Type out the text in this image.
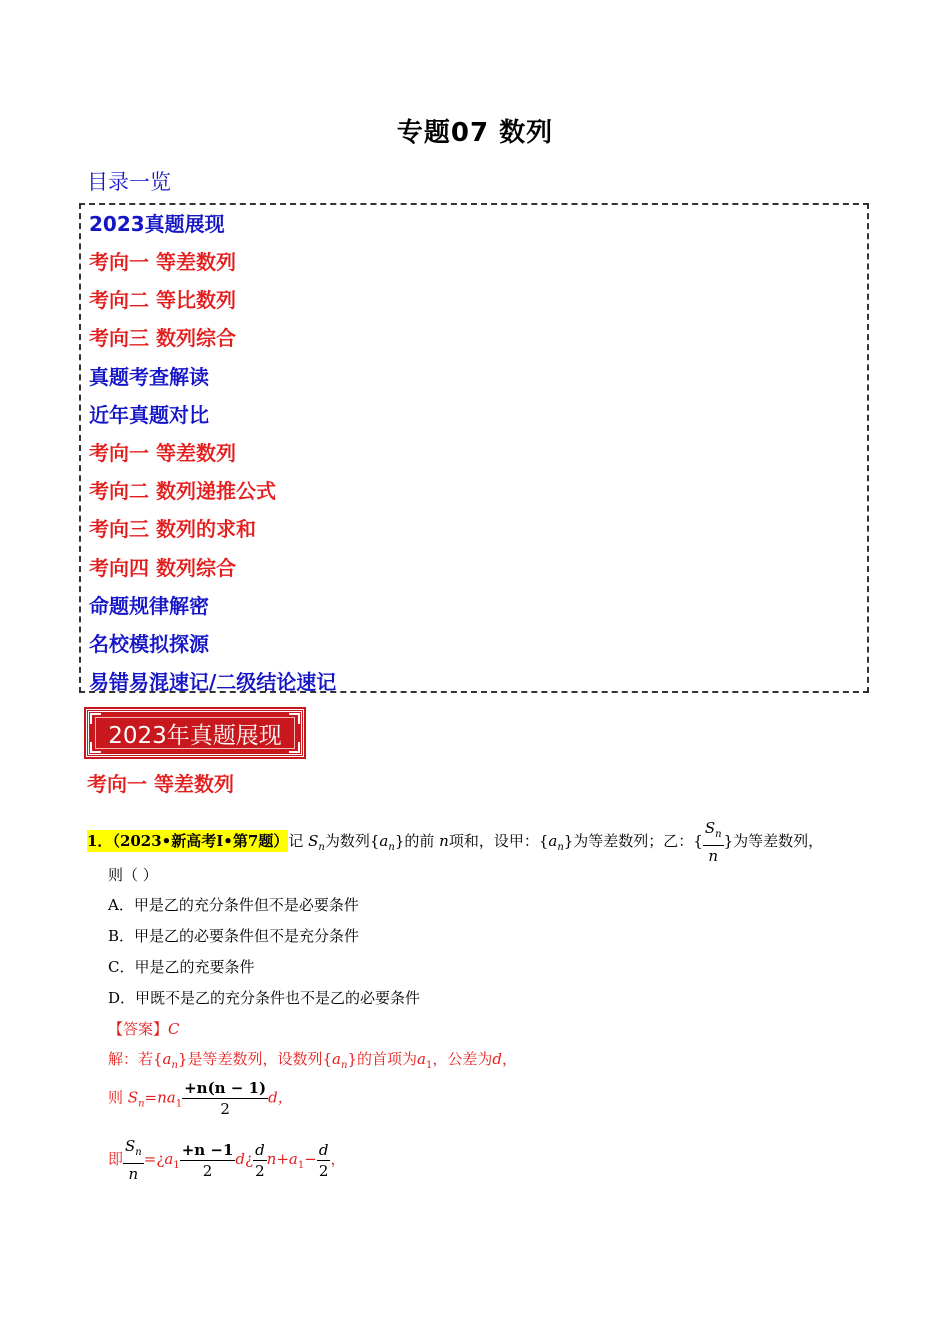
专题07 数列
目录一览
2023真题展现
考向一 等差数列
考向二 等比数列
考向三 数列综合
真题考查解读
近年真题对比
考向一 等差数列
考向二 数列递推公式
考向三 数列的求和
考向四 数列综合
命题规律解密
名校模拟探源
易错易混速记/二级结论速记
2023年真题展现
考向一 等差数列
1．（2023•新高考Ⅰ•第7题）记 $S_n$为数列$\{a_n\}$的前 n项和，设甲：$\{a_n\}$为等差数列；乙：{ $\frac{S_n}{n}$ }为等差数列，
则（ ）
A．甲是乙的充分条件但不是必要条件
B．甲是乙的必要条件但不是充分条件
C．甲是乙的充要条件
D．甲既不是乙的充分条件也不是乙的必要条件
【答案】C
解：若$\{a_n\}$是等差数列，设数列$\{a_n\}$的首项为$a_1$，公差为d，
则 $S_n=na_1 \frac{+n(n - 1)}{2}$ d，
即 $\frac{S_n}{n}$ $=¿a_1 \frac{+n -1}{2}$ d¿ $\frac{d}{2} n+a_1- \frac{d}{2}$ ，
